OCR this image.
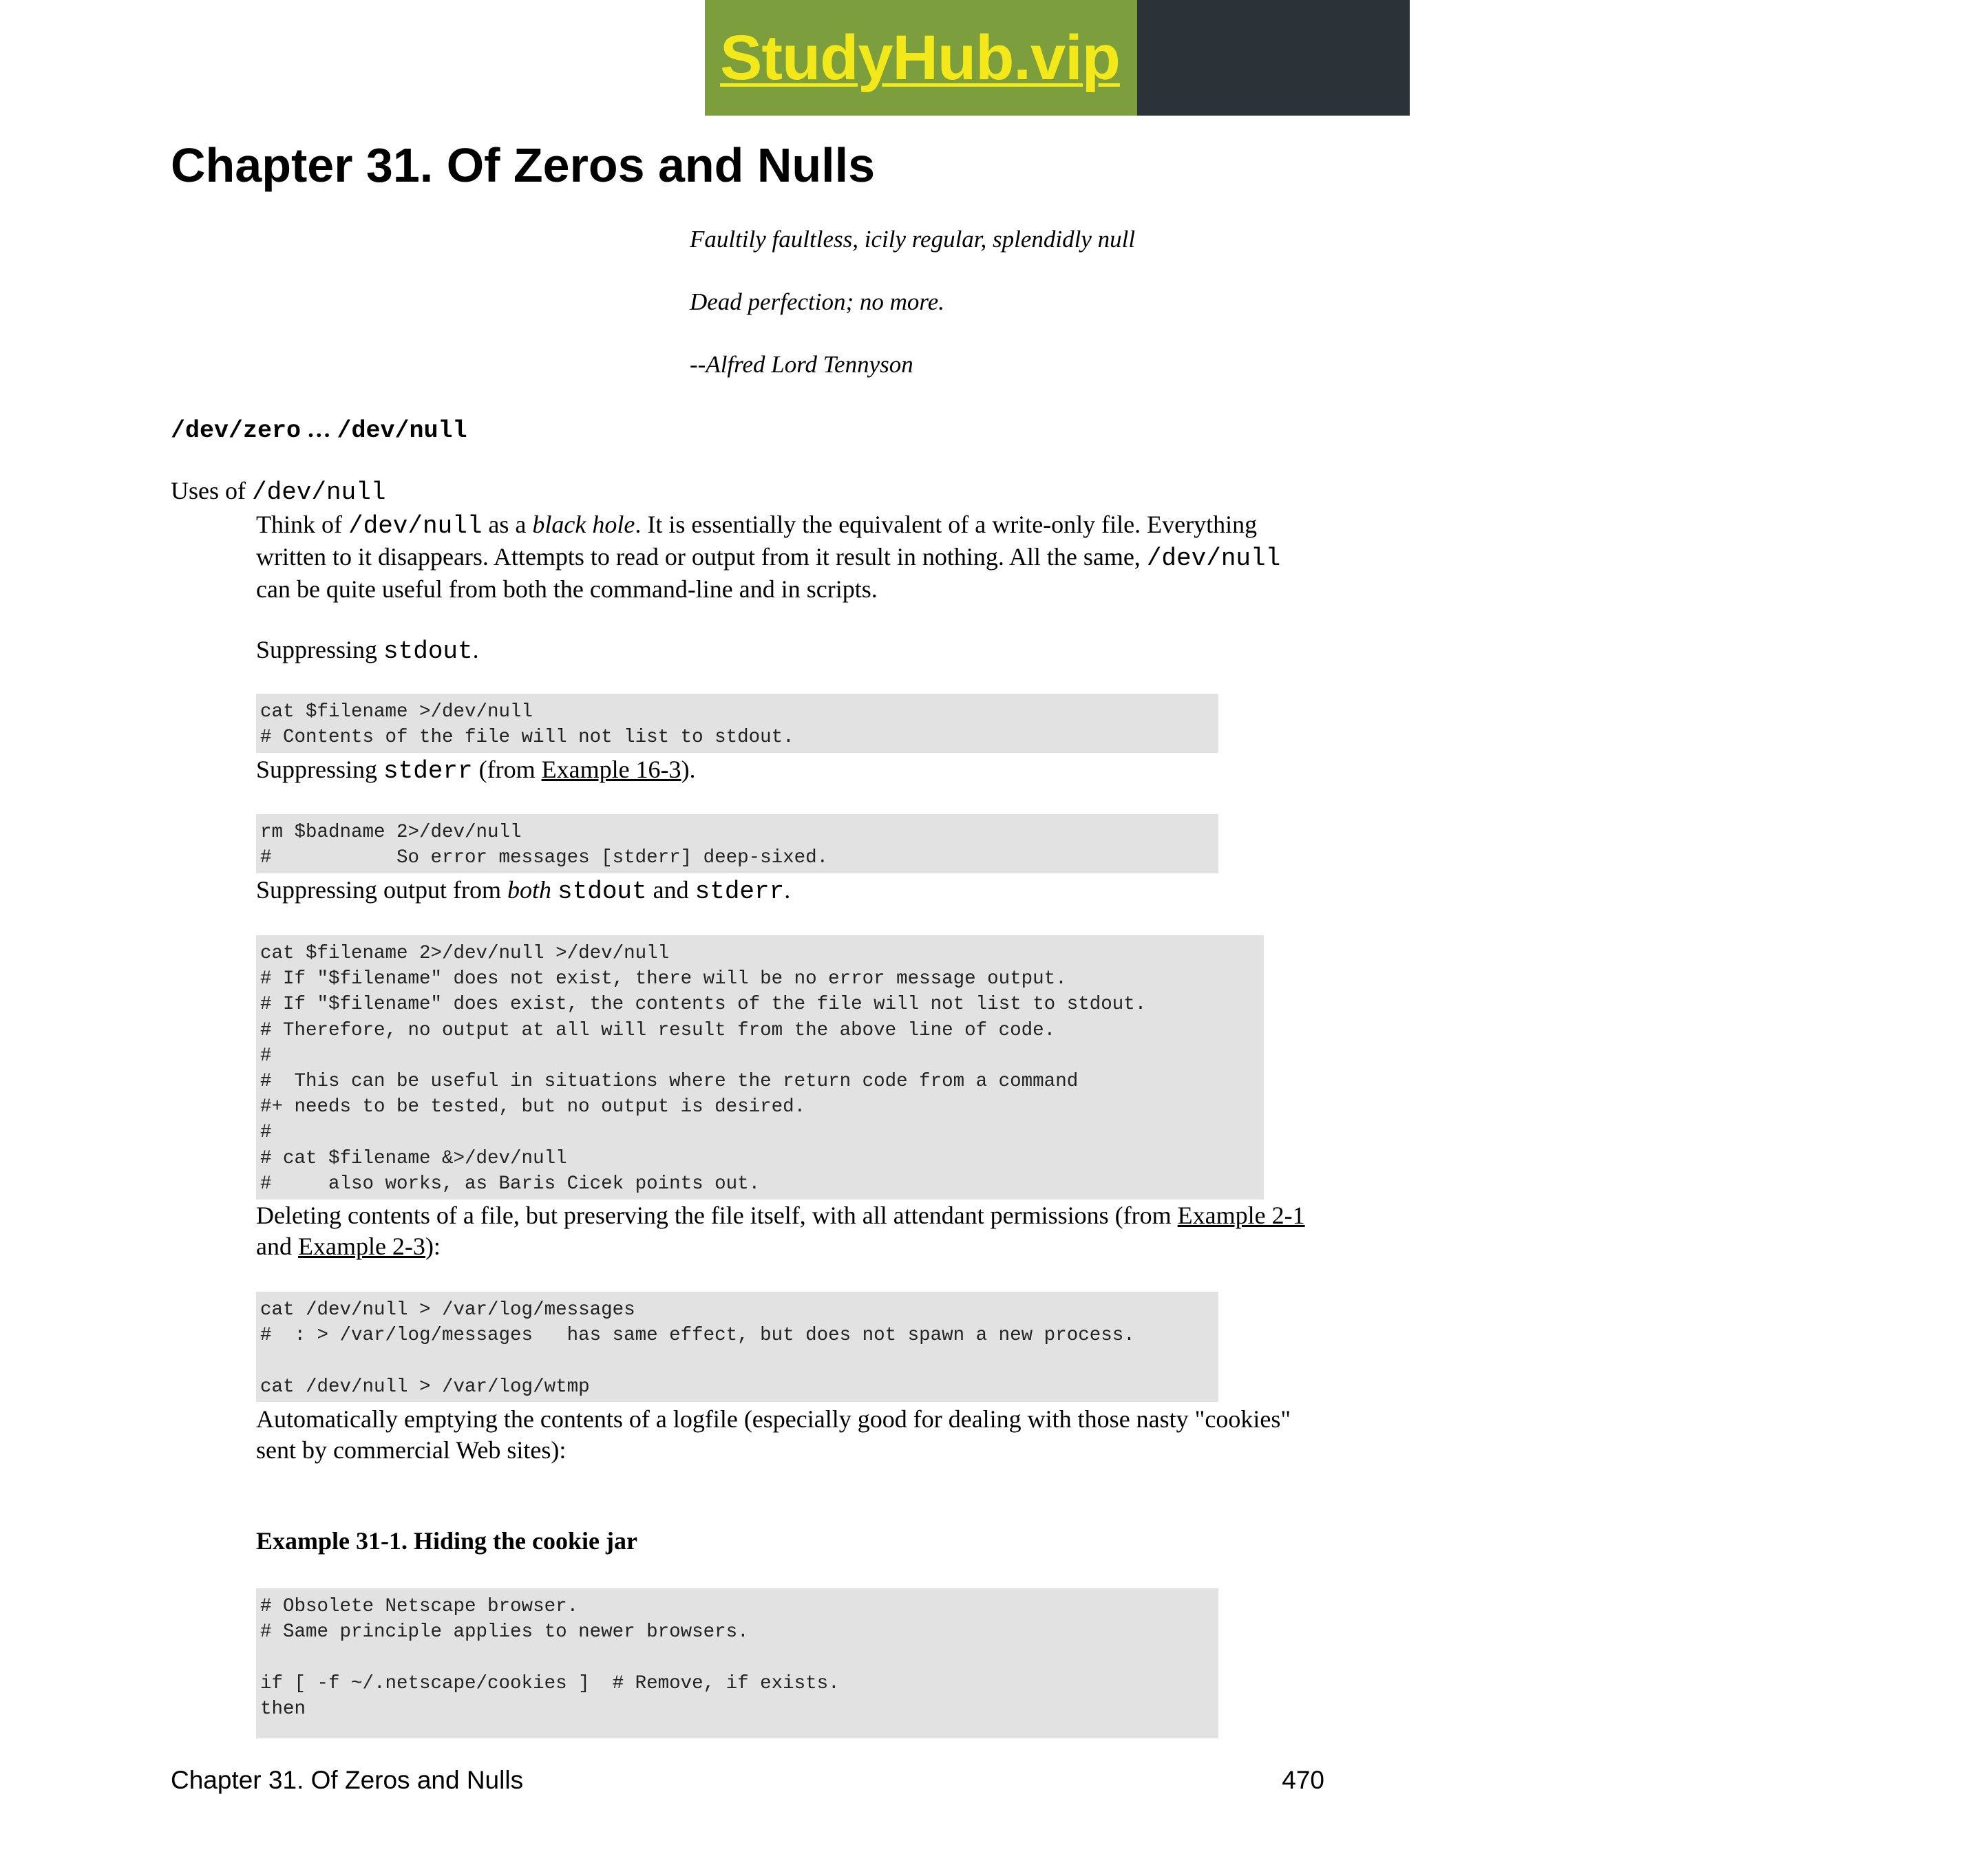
StudyHub.vip	☆Experienced writers
⏱ On-time delivery
⧉ 100% plagiarism free
Chapter 31. Of Zeros and Nulls
Faultily faultless, icily regular, splendidly null
Dead perfection; no more.
--Alfred Lord Tennyson
/dev/zero … /dev/null
Uses of /dev/null
Think of /dev/null as a black hole. It is essentially the equivalent of a write-only file. Everything written to it disappears. Attempts to read or output from it result in nothing. All the same, /dev/null can be quite useful from both the command-line and in scripts.
Suppressing stdout.
cat $filename >/dev/null
# Contents of the file will not list to stdout.
Suppressing stderr (from Example 16-3).
rm $badname 2>/dev/null
#           So error messages [stderr] deep-sixed.
Suppressing output from both stdout and stderr.
cat $filename 2>/dev/null >/dev/null
# If "$filename" does not exist, there will be no error message output.
# If "$filename" does exist, the contents of the file will not list to stdout.
# Therefore, no output at all will result from the above line of code.
#
#  This can be useful in situations where the return code from a command
#+ needs to be tested, but no output is desired.
#
# cat $filename &>/dev/null
#     also works, as Baris Cicek points out.
Deleting contents of a file, but preserving the file itself, with all attendant permissions (from Example 2-1 and Example 2-3):
cat /dev/null > /var/log/messages
#  : > /var/log/messages   has same effect, but does not spawn a new process.

cat /dev/null > /var/log/wtmp
Automatically emptying the contents of a logfile (especially good for dealing with those nasty "cookies" sent by commercial Web sites):
Example 31-1. Hiding the cookie jar
# Obsolete Netscape browser.
# Same principle applies to newer browsers.

if [ -f ~/.netscape/cookies ]  # Remove, if exists.
then
Chapter 31. Of Zeros and Nulls	470
